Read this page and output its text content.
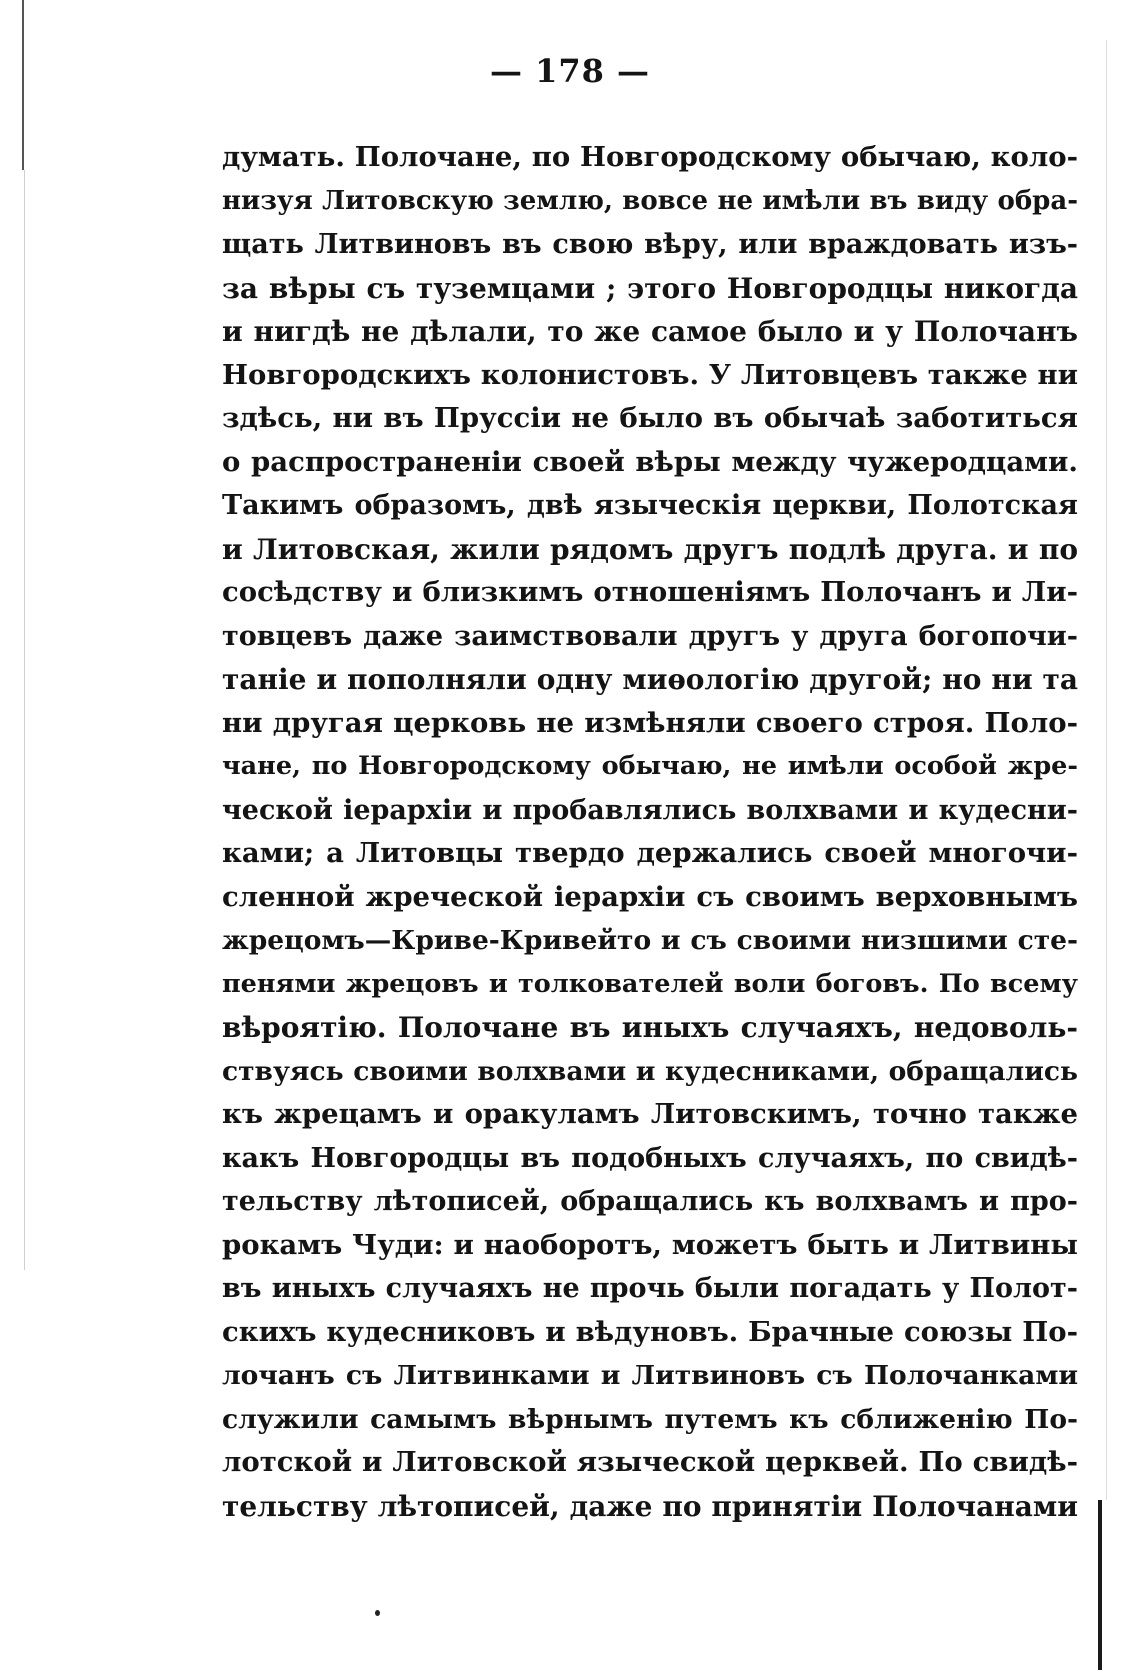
— 178 —
думать. Полочане, по Новгородскому обычаю, коло-
низуя Литовскую землю, вовсе не имѣли въ виду обра-
щать Литвиновъ въ свою вѣру, или враждовать изъ-
за вѣры съ туземцами ; этого Новгородцы никогда
и нигдѣ не дѣлали, то же самое было и у Полочанъ
Новгородскихъ колонистовъ. У Литовцевъ также ни
здѣсь, ни въ Пруссіи не было въ обычаѣ заботиться
о распространеніи своей вѣры между чужеродцами.
Такимъ образомъ, двѣ языческія церкви, Полотская
и Литовская, жили рядомъ другъ подлѣ друга. и по
сосѣдству и близкимъ отношеніямъ Полочанъ и Ли-
товцевъ даже заимствовали другъ у друга богопочи-
таніе и пополняли одну миѳологію другой; но ни та
ни другая церковь не измѣняли своего строя. Поло-
чане, по Новгородскому обычаю, не имѣли особой жре-
ческой іерархіи и пробавлялись волхвами и кудесни-
ками; а Литовцы твердо держались своей многочи-
сленной жреческой іерархіи съ своимъ верховнымъ
жрецомъ—Криве-Кривейто и съ своими низшими сте-
пенями жрецовъ и толкователей воли боговъ. По всему
вѣроятію. Полочане въ иныхъ случаяхъ, недоволь-
ствуясь своими волхвами и кудесниками, обращались
къ жрецамъ и оракуламъ Литовскимъ, точно также
какъ Новгородцы въ подобныхъ случаяхъ, по свидѣ-
тельству лѣтописей, обращались къ волхвамъ и про-
рокамъ Чуди: и наоборотъ, можетъ быть и Литвины
въ иныхъ случаяхъ не прочь были погадать у Полот-
скихъ кудесниковъ и вѣдуновъ. Брачные союзы По-
лочанъ съ Литвинками и Литвиновъ съ Полочанками
служили самымъ вѣрнымъ путемъ къ сближенію По-
лотской и Литовской языческой церквей. По свидѣ-
тельству лѣтописей, даже по принятіи Полочанами
